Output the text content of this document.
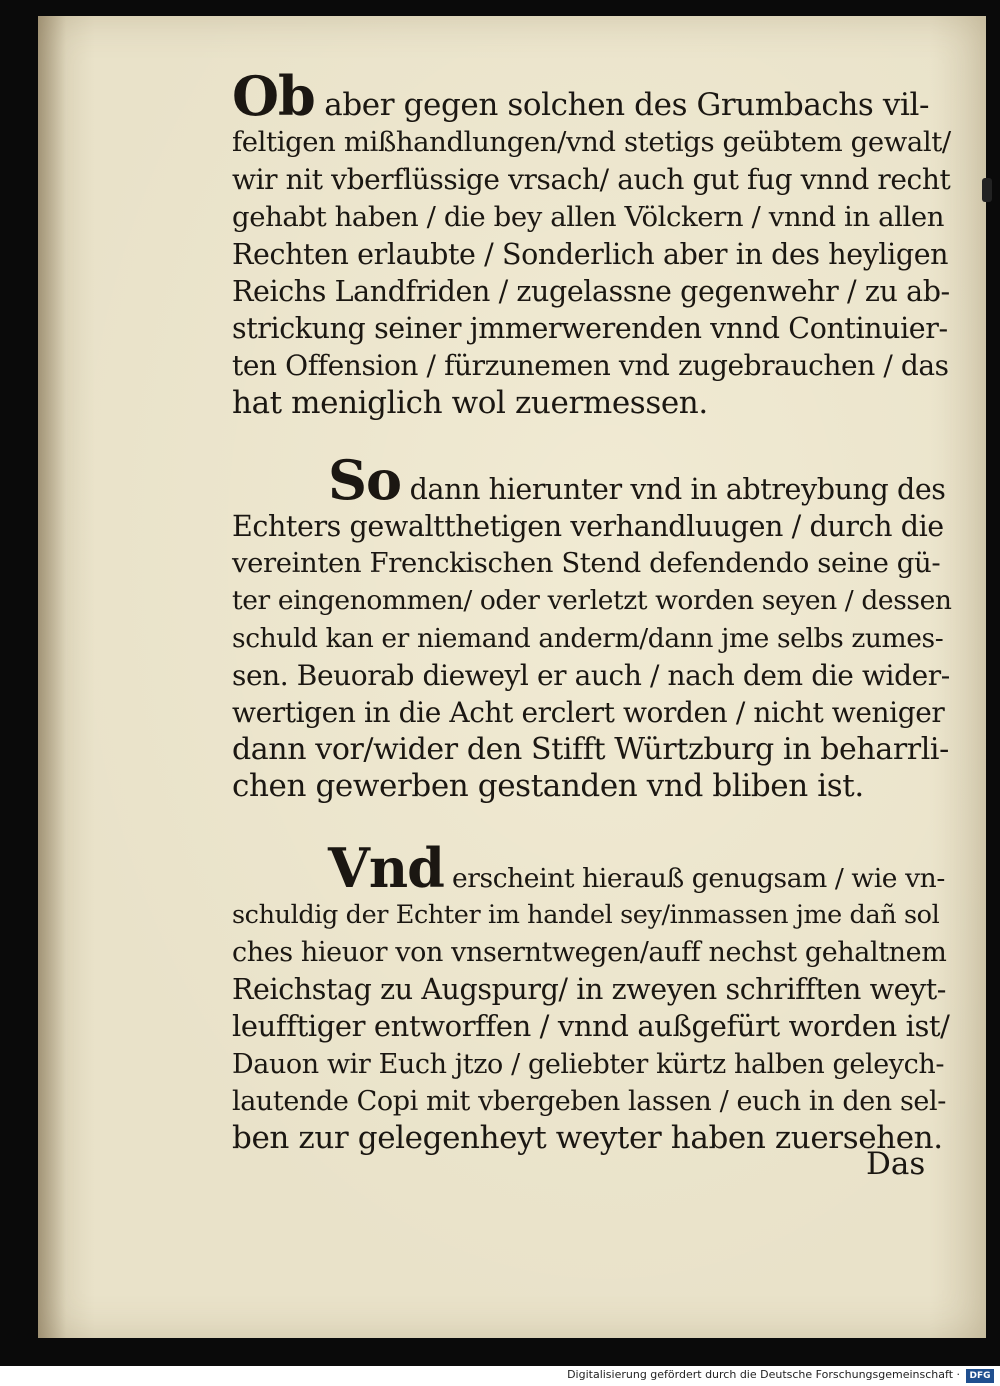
Ob aber gegen solchen des Grumbachs vil-
feltigen mißhandlungen/vnd stetigs geübtem gewalt/
wir nit vberflüssige vrsach/ auch gut fug vnnd recht
gehabt haben / die bey allen Völckern / vnnd in allen
Rechten erlaubte / Sonderlich aber in des heyligen
Reichs Landfriden / zugelassne gegenwehr / zu ab-
strickung seiner jmmerwerenden vnnd Continuier-
ten Offension / fürzunemen vnd zugebrauchen / das
hat meniglich wol zuermessen.
So dann hierunter vnd in abtreybung des
Echters gewaltthetigen verhandluugen / durch die
vereinten Frenckischen Stend defendendo seine gü-
ter eingenommen/ oder verletzt worden seyen / dessen
schuld kan er niemand anderm/dann jme selbs zumes-
sen. Beuorab dieweyl er auch / nach dem die wider-
wertigen in die Acht erclert worden / nicht weniger
dann vor/wider den Stifft Würtzburg in beharrli-
chen gewerben gestanden vnd bliben ist.
Vnd erscheint hierauß genugsam / wie vn-
schuldig der Echter im handel sey/inmassen jme dañ sol
ches hieuor von vnserntwegen/auff nechst gehaltnem
Reichstag zu Augspurg/ in zweyen schrifften weyt-
leufftiger entworffen / vnnd außgefürt worden ist/
Dauon wir Euch jtzo / geliebter kürtz halben geleych-
lautende Copi mit vbergeben lassen / euch in den sel-
ben zur gelegenheyt weyter haben zuersehen.
Das
Digitalisierung gefördert durch die Deutsche Forschungsgemeinschaft ·	DFG
